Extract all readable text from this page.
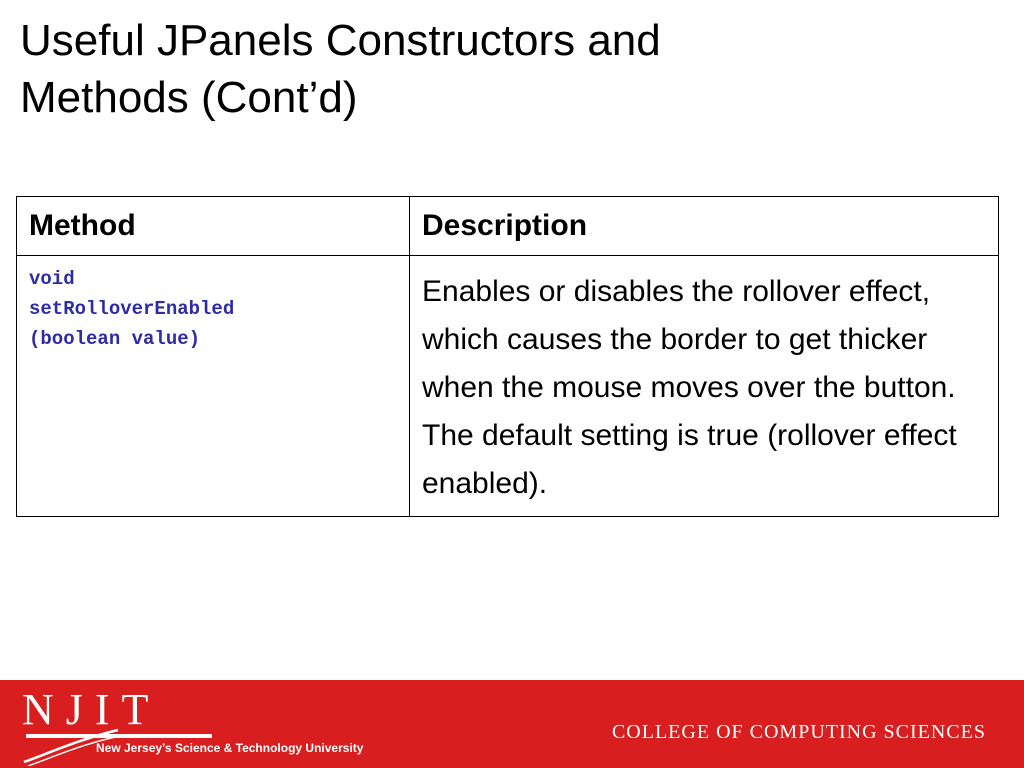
Useful JPanels Constructors and
Methods (Cont’d)
Method	Description

void
setRolloverEnabled
(boolean value)	Enables or disables the rollover effect, which causes the border to get thicker when the mouse moves over the button. The default setting is true (rollover effect enabled).
NJIT
New Jersey’s Science & Technology University
COLLEGE OF COMPUTING SCIENCES
